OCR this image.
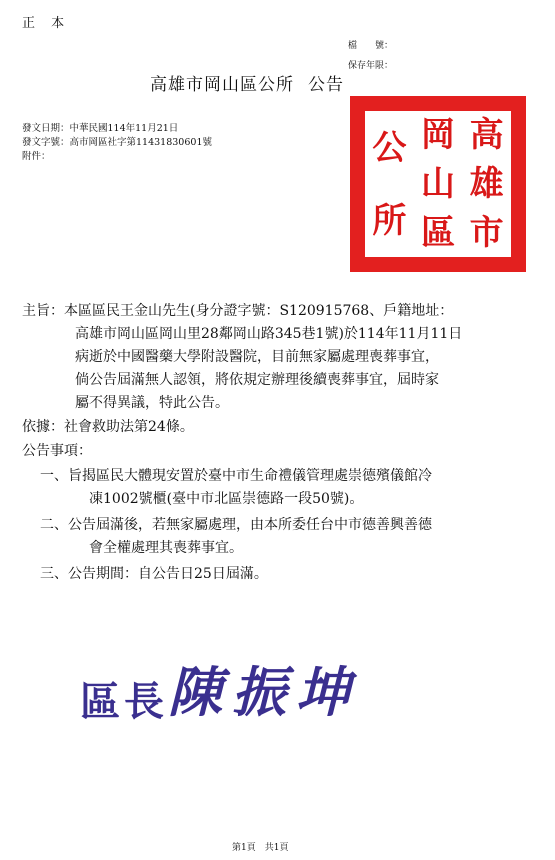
正 本
檔　　號：
保存年限：
高雄市岡山區公所 公告
發文日期：中華民國114年11月21日
發文字號：高市岡區社字第11431830601號
附件：
高
雄
市
岡
山
區
公
所
主旨：本區區民王金山先生(身分證字號：S120915768、戶籍地址：
高雄市岡山區岡山里28鄰岡山路345巷1號)於114年11月11日
病逝於中國醫藥大學附設醫院，目前無家屬處理喪葬事宜，
倘公告屆滿無人認領，將依規定辦理後續喪葬事宜，屆時家
屬不得異議，特此公告。
依據：社會救助法第24條。
公告事項：
一、旨揭區民大體現安置於臺中市生命禮儀管理處崇德殯儀館冷
凍1002號櫃(臺中市北區崇德路一段50號)。
二、公告屆滿後，若無家屬處理，由本所委任台中市德善興善德
會全權處理其喪葬事宜。
三、公告期間：自公告日25日屆滿。
區長陳振坤
第1頁　共1頁
